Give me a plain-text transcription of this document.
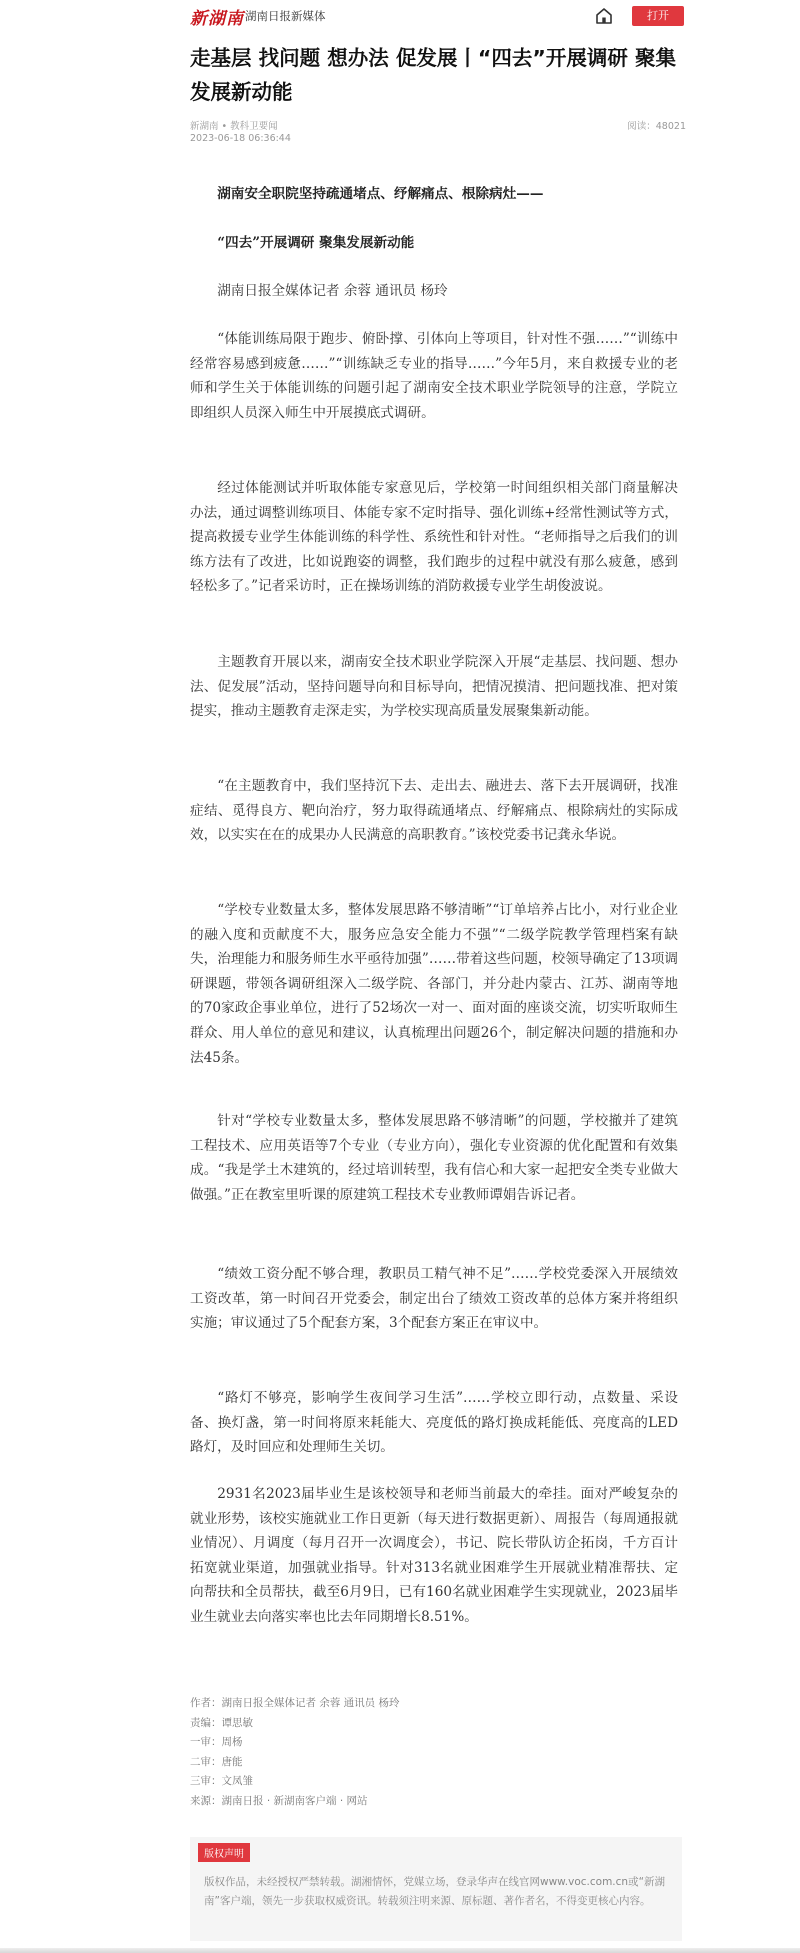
新湖南 湖南日报新媒体	打开
走基层 找问题 想办法 促发展丨“四去”开展调研 聚集发展新动能
新湖南 • 教科卫要闻
2023-06-18 06:36:44
阅读：48021
湖南安全职院坚持疏通堵点、纾解痛点、根除病灶——
“四去”开展调研 聚集发展新动能
湖南日报全媒体记者 余蓉 通讯员 杨玲
“体能训练局限于跑步、俯卧撑、引体向上等项目，针对性不强……”“训练中经常容易感到疲惫……”“训练缺乏专业的指导……”今年5月，来自救援专业的老师和学生关于体能训练的问题引起了湖南安全技术职业学院领导的注意，学院立即组织人员深入师生中开展摸底式调研。
经过体能测试并听取体能专家意见后，学校第一时间组织相关部门商量解决办法，通过调整训练项目、体能专家不定时指导、强化训练+经常性测试等方式，提高救援专业学生体能训练的科学性、系统性和针对性。“老师指导之后我们的训练方法有了改进，比如说跑姿的调整，我们跑步的过程中就没有那么疲惫，感到轻松多了。”记者采访时，正在操场训练的消防救援专业学生胡俊波说。
主题教育开展以来，湖南安全技术职业学院深入开展“走基层、找问题、想办法、促发展”活动，坚持问题导向和目标导向，把情况摸清、把问题找准、把对策提实，推动主题教育走深走实，为学校实现高质量发展聚集新动能。
“在主题教育中，我们坚持沉下去、走出去、融进去、落下去开展调研，找准症结、觅得良方、靶向治疗，努力取得疏通堵点、纾解痛点、根除病灶的实际成效，以实实在在的成果办人民满意的高职教育。”该校党委书记龚永华说。
“学校专业数量太多，整体发展思路不够清晰”“订单培养占比小，对行业企业的融入度和贡献度不大，服务应急安全能力不强”“二级学院教学管理档案有缺失，治理能力和服务师生水平亟待加强”……带着这些问题，校领导确定了13项调研课题，带领各调研组深入二级学院、各部门，并分赴内蒙古、江苏、湖南等地的70家政企事业单位，进行了52场次一对一、面对面的座谈交流，切实听取师生群众、用人单位的意见和建议，认真梳理出问题26个，制定解决问题的措施和办法45条。
针对“学校专业数量太多，整体发展思路不够清晰”的问题，学校撤并了建筑工程技术、应用英语等7个专业（专业方向），强化专业资源的优化配置和有效集成。“我是学土木建筑的，经过培训转型，我有信心和大家一起把安全类专业做大做强。”正在教室里听课的原建筑工程技术专业教师谭娟告诉记者。
“绩效工资分配不够合理，教职员工精气神不足”……学校党委深入开展绩效工资改革，第一时间召开党委会，制定出台了绩效工资改革的总体方案并将组织实施；审议通过了5个配套方案，3个配套方案正在审议中。
“路灯不够亮，影响学生夜间学习生活”……学校立即行动，点数量、采设备、换灯盏，第一时间将原来耗能大、亮度低的路灯换成耗能低、亮度高的LED路灯，及时回应和处理师生关切。
2931名2023届毕业生是该校领导和老师当前最大的牵挂。面对严峻复杂的就业形势，该校实施就业工作日更新（每天进行数据更新）、周报告（每周通报就业情况）、月调度（每月召开一次调度会），书记、院长带队访企拓岗，千方百计拓宽就业渠道，加强就业指导。针对313名就业困难学生开展就业精准帮扶、定向帮扶和全员帮扶，截至6月9日，已有160名就业困难学生实现就业，2023届毕业生就业去向落实率也比去年同期增长8.51%。
作者：湖南日报全媒体记者 余蓉 通讯员 杨玲
责编：谭思敏
一审：周杨
二审：唐能
三审：文凤雏
来源：湖南日报 · 新湖南客户端 · 网站
版权声明
版权作品，未经授权严禁转载。湖湘情怀，党媒立场，登录华声在线官网www.voc.com.cn或“新湖南”客户端，领先一步获取权威资讯。转载须注明来源、原标题、著作者名，不得变更核心内容。
